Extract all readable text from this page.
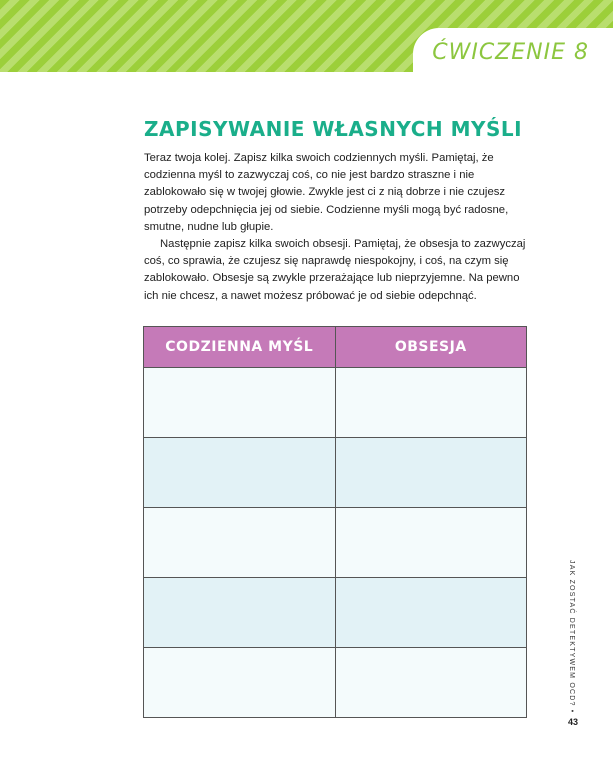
ĆWICZENIE 8
ZAPISYWANIE WŁASNYCH MYŚLI

Teraz twoja kolej. Zapisz kilka swoich codziennych myśli. Pamiętaj, że codzienna myśl to zazwyczaj coś, co nie jest bardzo straszne i nie zablokowało się w twojej głowie. Zwykle jest ci z nią dobrze i nie czujesz potrzeby odepchnięcia jej od siebie. Codzienne myśli mogą być radosne, smutne, nudne lub głupie.

Następnie zapisz kilka swoich obsesji. Pamiętaj, że obsesja to zazwyczaj coś, co sprawia, że czujesz się naprawdę niespokojny, i coś, na czym się zablokowało. Obsesje są zwykle przerażające lub nieprzyjemne. Na pewno ich nie chcesz, a nawet możesz próbować je od siebie odepchnąć.

CODZIENNA MYŚL	OBSESJA

JAK ZOSTAĆ DETEKTYWEM OCD? •
43
